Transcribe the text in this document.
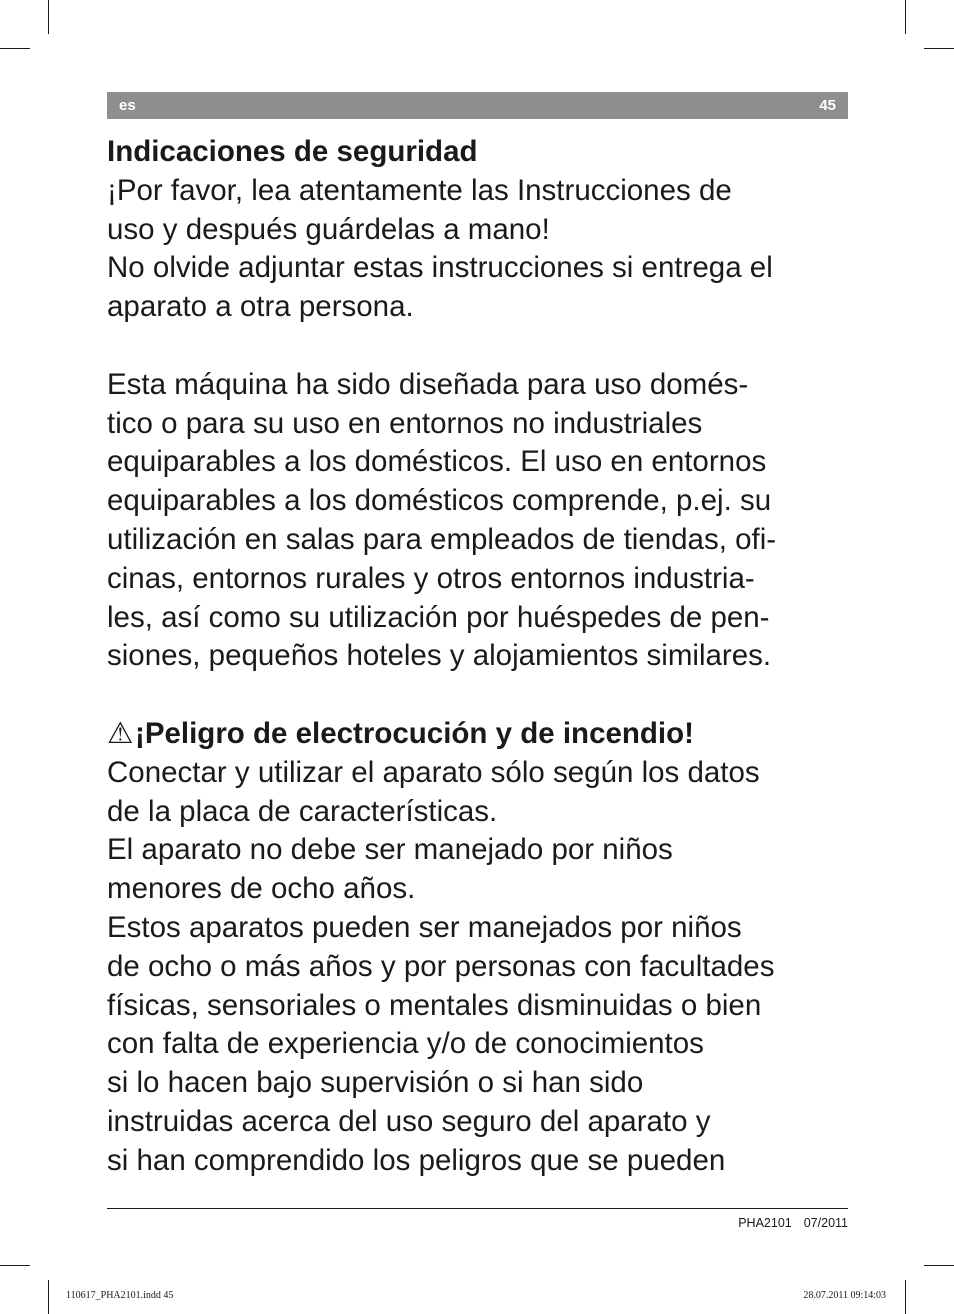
es	45

Indicaciones de seguridad

¡Por favor, lea atentamente las Instrucciones de

uso y después guárdelas a mano!

No olvide adjuntar estas instrucciones si entrega el

aparato a otra persona.

Esta máquina ha sido diseñada para uso domés-

tico o para su uso en entornos no industriales

equiparables a los domésticos. El uso en entornos

equiparables a los domésticos comprende, p.ej. su

utilización en salas para empleados de tiendas, ofi-

cinas, entornos rurales y otros entornos industria-

les, así como su utilización por huéspedes de pen-

siones, pequeños hoteles y alojamientos similares.

⚠¡Peligro de electrocución y de incendio!

Conectar y utilizar el aparato sólo según los datos

de la placa de características.

El aparato no debe ser manejado por niños

menores de ocho años.

Estos aparatos pueden ser manejados por niños

de ocho o más años y por personas con facultades

físicas, sensoriales o mentales disminuidas o bien

con falta de experiencia y/o de conocimientos

si lo hacen bajo supervisión o si han sido

instruidas acerca del uso seguro del aparato y

si han comprendido los peligros que se pueden

PHA2101 07/2011
110617_PHA2101.indd 45	28.07.2011 09:14:03
